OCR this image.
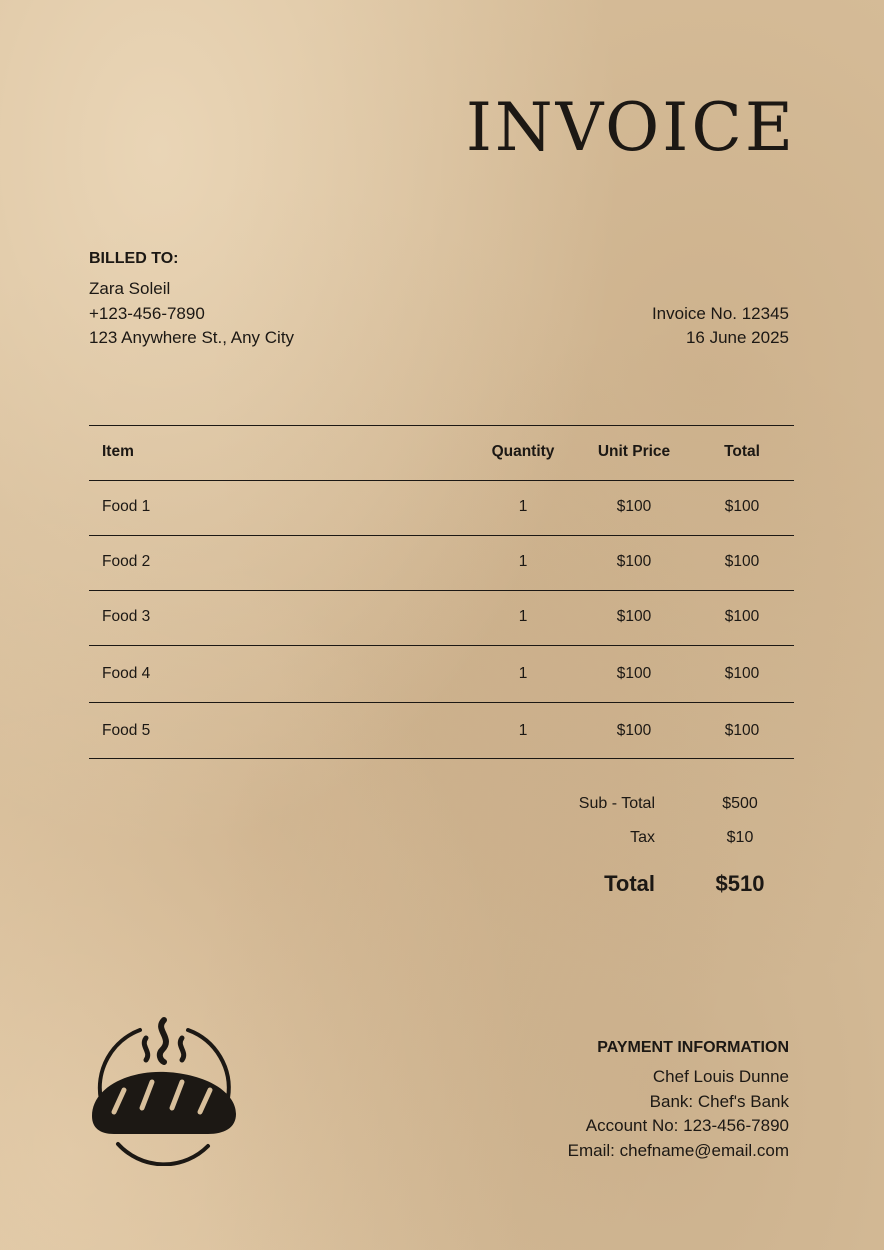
INVOICE
BILLED TO:
Zara Soleil
+123-456-7890
123 Anywhere St., Any City
Invoice No. 12345
16 June 2025
Item	Quantity	Unit Price	Total
Food 1	1	$100	$100
Food 2	1	$100	$100
Food 3	1	$100	$100
Food 4	1	$100	$100
Food 5	1	$100	$100
Sub - Total	$500
Tax	$10
Total	$510
PAYMENT INFORMATION
Chef Louis Dunne
Bank: Chef's Bank
Account No: 123-456-7890
Email: chefname@email.com
